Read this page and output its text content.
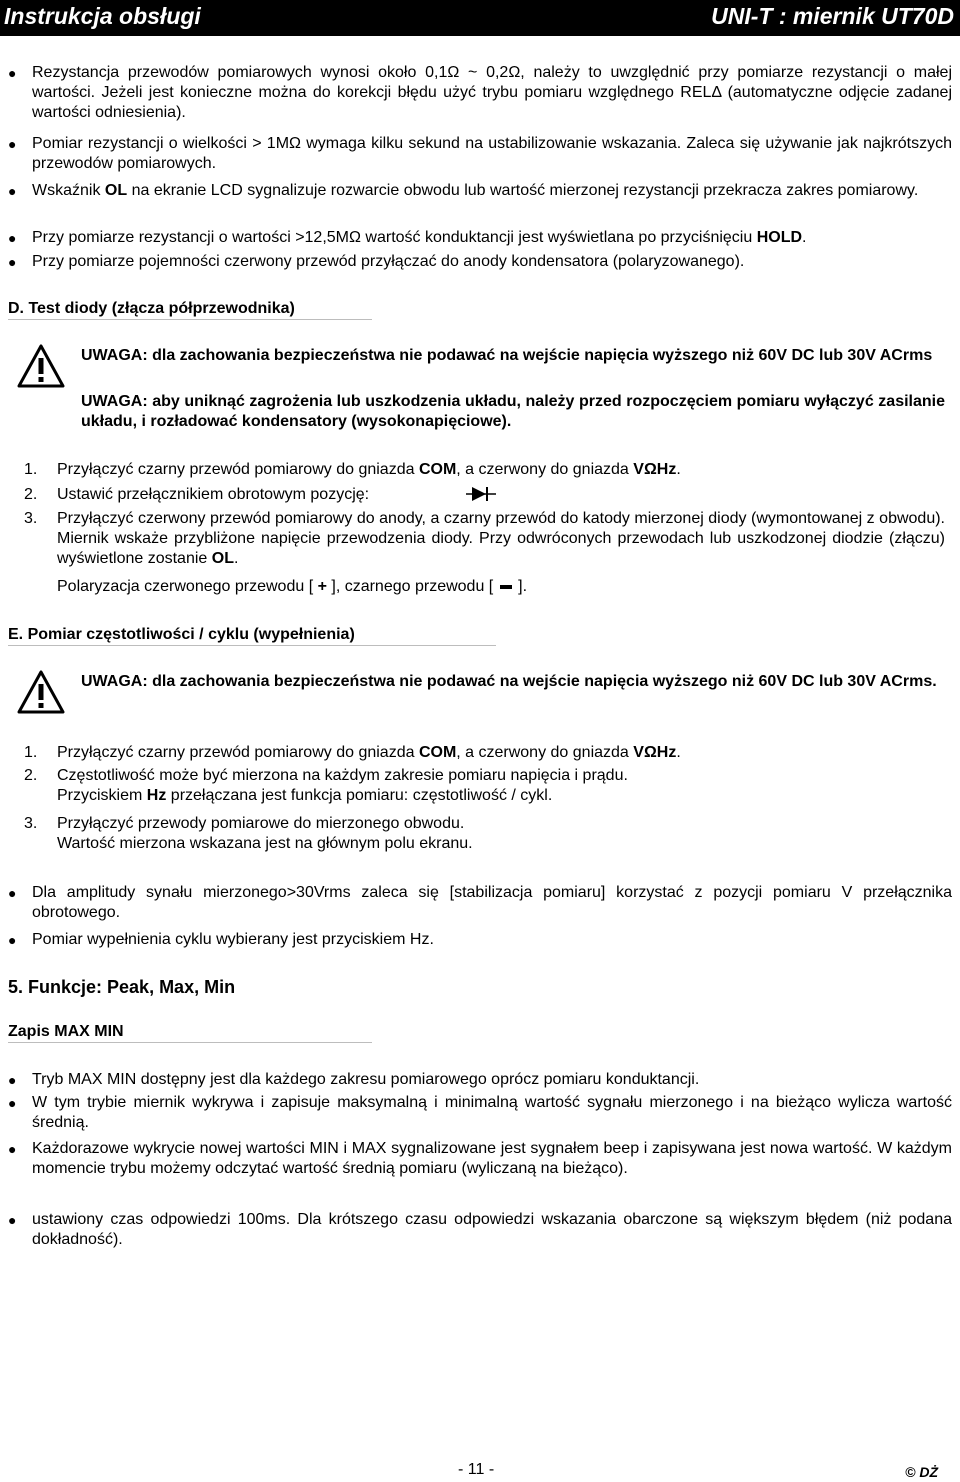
Instrukcja obsługi	UNI-T : miernik UT70D
● Rezystancja przewodów pomiarowych wynosi około 0,1Ω ~ 0,2Ω, należy to uwzględnić przy pomiarze rezystancji o małej wartości. Jeżeli jest konieczne można do korekcji błędu użyć trybu pomiaru względnego RELΔ (automatyczne odjęcie zadanej wartości odniesienia).
● Pomiar rezystancji o wielkości > 1MΩ wymaga kilku sekund na ustabilizowanie wskazania. Zaleca się używanie jak najkrótszych przewodów pomiarowych.
● Wskaźnik OL na ekranie LCD sygnalizuje rozwarcie obwodu lub wartość mierzonej rezystancji przekracza zakres pomiarowy.
● Przy pomiarze rezystancji o wartości >12,5MΩ wartość konduktancji jest wyświetlana po przyciśnięciu HOLD.
● Przy pomiarze pojemności czerwony przewód przyłączać do anody kondensatora (polaryzowanego).
D. Test diody (złącza półprzewodnika)
UWAGA: dla zachowania bezpieczeństwa nie podawać na wejście napięcia wyższego niż 60V DC lub 30V ACrms
UWAGA: aby uniknąć zagrożenia lub uszkodzenia układu, należy przed rozpoczęciem pomiaru wyłączyć zasilanie układu, i rozładować kondensatory (wysokonapięciowe).
1.	Przyłączyć czarny przewód pomiarowy do gniazda COM, a czerwony do gniazda VΩHz.
2.	Ustawić przełącznikiem obrotowym pozycję:
3.	Przyłączyć czerwony przewód pomiarowy do anody, a czarny przewód do katody mierzonej diody (wymontowanej z obwodu). Miernik wskaże przybliżone napięcie przewodzenia diody. Przy odwróconych przewodach lub uszkodzonej diodzie (złączu) wyświetlone zostanie OL.
Polaryzacja czerwonego przewodu [ + ], czarnego przewodu [  ].
E. Pomiar częstotliwości / cyklu (wypełnienia)
UWAGA: dla zachowania bezpieczeństwa nie podawać na wejście napięcia wyższego niż 60V DC lub 30V ACrms.
1.	Przyłączyć czarny przewód pomiarowy do gniazda COM, a czerwony do gniazda VΩHz.
2.	Częstotliwość może być mierzona na każdym zakresie pomiaru napięcia i prądu.
Przyciskiem Hz przełączana jest funkcja pomiaru: częstotliwość / cykl.
3.	Przyłączyć przewody pomiarowe do mierzonego obwodu.
Wartość mierzona wskazana jest na głównym polu ekranu.
● Dla amplitudy synału mierzonego>30Vrms zaleca się [stabilizacja pomiaru] korzystać z pozycji pomiaru V przełącznika obrotowego.
● Pomiar wypełnienia cyklu wybierany jest przyciskiem Hz.
5. Funkcje: Peak, Max, Min
Zapis MAX MIN
● Tryb MAX MIN dostępny jest dla każdego zakresu pomiarowego oprócz pomiaru konduktancji.
● W tym trybie miernik wykrywa i zapisuje maksymalną i minimalną wartość sygnału mierzonego i na bieżąco wylicza wartość średnią.
● Każdorazowe wykrycie nowej wartości MIN i MAX sygnalizowane jest sygnałem beep i zapisywana jest nowa wartość. W każdym momencie trybu możemy odczytać wartość średnią pomiaru (wyliczaną na bieżąco).
● ustawiony czas odpowiedzi 100ms. Dla krótszego czasu odpowiedzi wskazania obarczone są większym błędem (niż podana dokładność).
- 11 -	© DŻ
